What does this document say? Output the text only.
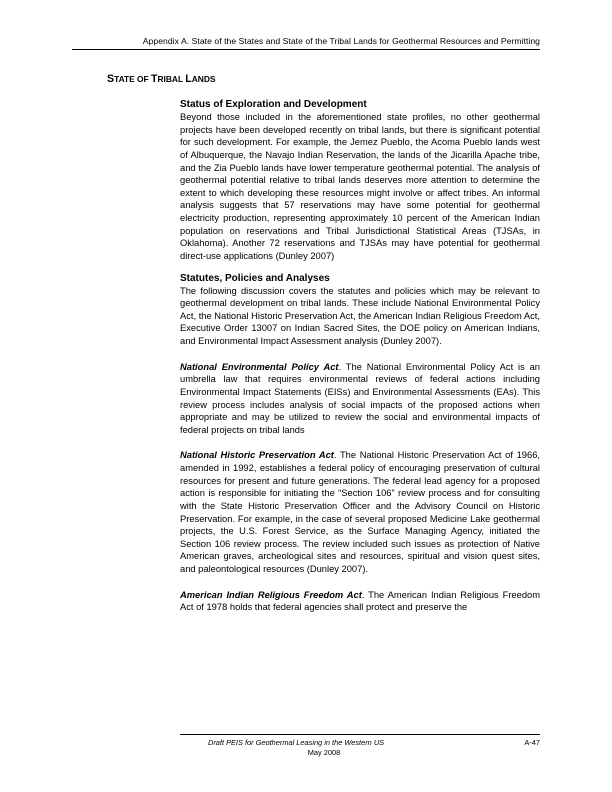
Appendix A. State of the States and State of the Tribal Lands for Geothermal Resources and Permitting
STATE OF TRIBAL LANDS
Status of Exploration and Development

Beyond those included in the aforementioned state profiles, no other geothermal projects have been developed recently on tribal lands, but there is significant potential for such development. For example, the Jemez Pueblo, the Acoma Pueblo lands west of Albuquerque, the Navajo Indian Reservation, the lands of the Jicarilla Apache tribe, and the Zia Pueblo lands have lower temperature geothermal potential. The analysis of geothermal potential relative to tribal lands deserves more attention to determine the extent to which developing these resources might involve or affect tribes. An informal analysis suggests that 57 reservations may have some potential for geothermal electricity production, representing approximately 10 percent of the American Indian population on reservations and Tribal Jurisdictional Statistical Areas (TJSAs, in Oklahoma). Another 72 reservations and TJSAs may have potential for geothermal direct-use applications (Dunley 2007)

Statutes, Policies and Analyses

The following discussion covers the statutes and policies which may be relevant to geothermal development on tribal lands. These include National Environmental Policy Act, the National Historic Preservation Act, the American Indian Religious Freedom Act, Executive Order 13007 on Indian Sacred Sites, the DOE policy on American Indians, and Environmental Impact Assessment analysis (Dunley 2007).

National Environmental Policy Act. The National Environmental Policy Act is an umbrella law that requires environmental reviews of federal actions including Environmental Impact Statements (EISs) and Environmental Assessments (EAs). This review process includes analysis of social impacts of the proposed actions when appropriate and may be utilized to review the social and environmental impacts of federal projects on tribal lands

National Historic Preservation Act. The National Historic Preservation Act of 1966, amended in 1992, establishes a federal policy of encouraging preservation of cultural resources for present and future generations. The federal lead agency for a proposed action is responsible for initiating the “Section 106” review process and for consulting with the State Historic Preservation Officer and the Advisory Council on Historic Preservation. For example, in the case of several proposed Medicine Lake geothermal projects, the U.S. Forest Service, as the Surface Managing Agency, initiated the Section 106 review process. The review included such issues as protection of Native American graves, archeological sites and resources, spiritual and vision quest sites, and paleontological resources (Dunley 2007).

American Indian Religious Freedom Act. The American Indian Religious Freedom Act of 1978 holds that federal agencies shall protect and preserve the

Draft PEIS for Geothermal Leasing in the Western US	A-47
May 2008
